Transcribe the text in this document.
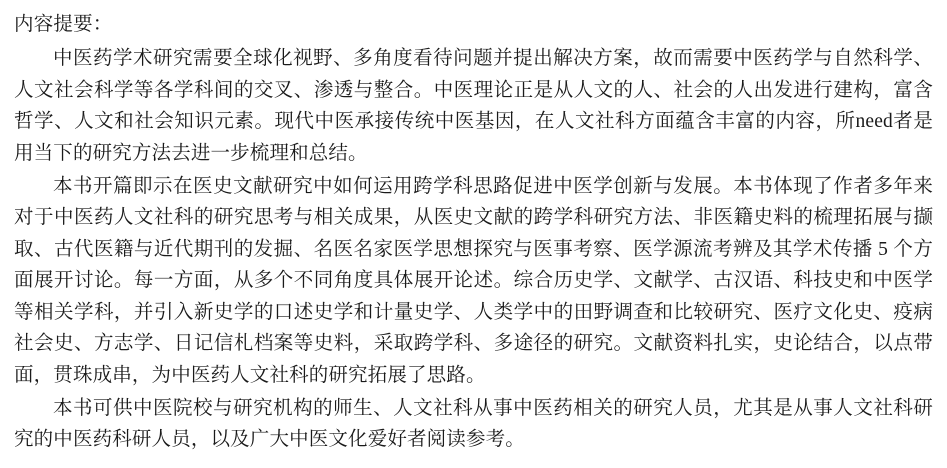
内容提要：

中医药学术研究需要全球化视野、多角度看待问题并提出解决方案，故而需要中医药学与自然科学、人文社会科学等各学科间的交叉、渗透与整合。中医理论正是从人文的人、社会的人出发进行建构，富含哲学、人文和社会知识元素。现代中医承接传统中医基因，在人文社科方面蕴含丰富的内容，所need者是用当下的研究方法去进一步梳理和总结。

本书开篇即示在医史文献研究中如何运用跨学科思路促进中医学创新与发展。本书体现了作者多年来对于中医药人文社科的研究思考与相关成果，从医史文献的跨学科研究方法、非医籍史料的梳理拓展与撷取、古代医籍与近代期刊的发掘、名医名家医学思想探究与医事考察、医学源流考辨及其学术传播 5 个方面展开讨论。每一方面，从多个不同角度具体展开论述。综合历史学、文献学、古汉语、科技史和中医学等相关学科，并引入新史学的口述史学和计量史学、人类学中的田野调查和比较研究、医疗文化史、疫病社会史、方志学、日记信札档案等史料，采取跨学科、多途径的研究。文献资料扎实，史论结合，以点带面，贯珠成串，为中医药人文社科的研究拓展了思路。

本书可供中医院校与研究机构的师生、人文社科从事中医药相关的研究人员，尤其是从事人文社科研究的中医药科研人员，以及广大中医文化爱好者阅读参考。
